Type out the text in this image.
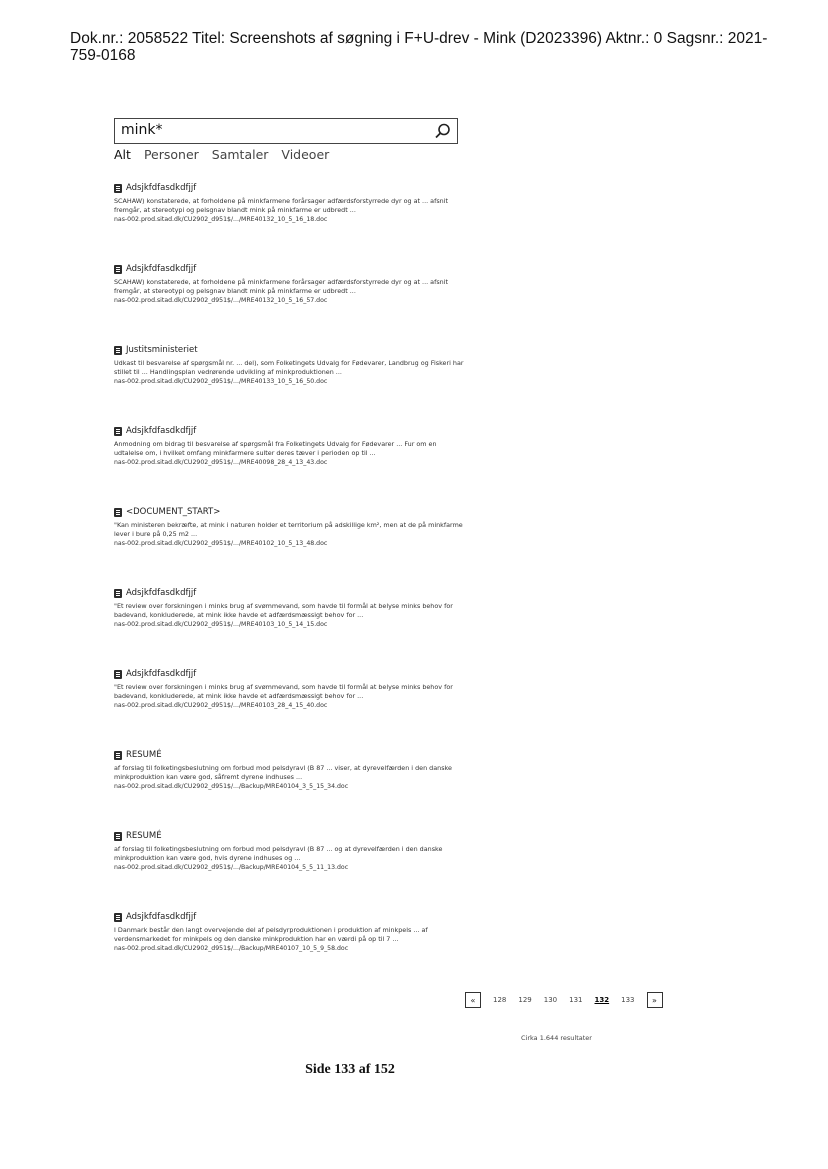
Dok.nr.: 2058522 Titel: Screenshots af søgning i F+U-drev - Mink (D2023396) Aktnr.: 0 Sagsnr.: 2021-759-0168
mink*
Alt Personer Samtaler Videoer
Adsjkfdfasdkdfjjf
SCAHAW) konstaterede, at forholdene på minkfarmene forårsager adfærdsforstyrrede dyr og at ... afsnit fremgår, at stereotypi og pelsgnav blandt mink på minkfarme er udbredt ...
nas-002.prod.sitad.dk/CU2902_d951$/.../MRE40132_10_5_16_18.doc
Adsjkfdfasdkdfjjf
SCAHAW) konstaterede, at forholdene på minkfarmene forårsager adfærdsforstyrrede dyr og at ... afsnit fremgår, at stereotypi og pelsgnav blandt mink på minkfarme er udbredt ...
nas-002.prod.sitad.dk/CU2902_d951$/.../MRE40132_10_5_16_57.doc
Justitsministeriet
Udkast til besvarelse af spørgsmål nr. ... del), som Folketingets Udvalg for Fødevarer, Landbrug og Fiskeri har stillet til ... Handlingsplan vedrørende udvikling af minkproduktionen ...
nas-002.prod.sitad.dk/CU2902_d951$/.../MRE40133_10_5_16_50.doc
Adsjkfdfasdkdfjjf
Anmodning om bidrag til besvarelse af spørgsmål fra Folketingets Udvalg for Fødevarer ... Fur om en udtalelse om, i hvilket omfang minkfarmere sulter deres tæver i perioden op til ...
nas-002.prod.sitad.dk/CU2902_d951$/.../MRE40098_28_4_13_43.doc
<DOCUMENT_START>
"Kan ministeren bekræfte, at mink i naturen holder et territorium på adskillige km², men at de på minkfarme lever i bure på 0,25 m2 ...
nas-002.prod.sitad.dk/CU2902_d951$/.../MRE40102_10_5_13_48.doc
Adsjkfdfasdkdfjjf
"Et review over forskningen i minks brug af svømmevand, som havde til formål at belyse minks behov for badevand, konkluderede, at mink ikke havde et adfærdsmæssigt behov for ...
nas-002.prod.sitad.dk/CU2902_d951$/.../MRE40103_10_5_14_15.doc
Adsjkfdfasdkdfjjf
"Et review over forskningen i minks brug af svømmevand, som havde til formål at belyse minks behov for badevand, konkluderede, at mink ikke havde et adfærdsmæssigt behov for ...
nas-002.prod.sitad.dk/CU2902_d951$/.../MRE40103_28_4_15_40.doc
RESUMÉ
af forslag til folketingsbeslutning om forbud mod pelsdyravl (B 87 ... viser, at dyrevelfærden i den danske minkproduktion kan være god, såfremt dyrene indhuses ...
nas-002.prod.sitad.dk/CU2902_d951$/.../Backup/MRE40104_3_5_15_34.doc
RESUMÉ
af forslag til folketingsbeslutning om forbud mod pelsdyravl (B 87 ... og at dyrevelfærden i den danske minkproduktion kan være god, hvis dyrene indhuses og ...
nas-002.prod.sitad.dk/CU2902_d951$/.../Backup/MRE40104_5_5_11_13.doc
Adsjkfdfasdkdfjjf
I Danmark består den langt overvejende del af pelsdyrproduktionen i produktion af minkpels ... af verdensmarkedet for minkpels og den danske minkproduktion har en værdi på op til 7 ...
nas-002.prod.sitad.dk/CU2902_d951$/.../Backup/MRE40107_10_5_9_58.doc
«	128 129 130 131 132 133	»
Cirka 1.644 resultater
Side 133 af 152
